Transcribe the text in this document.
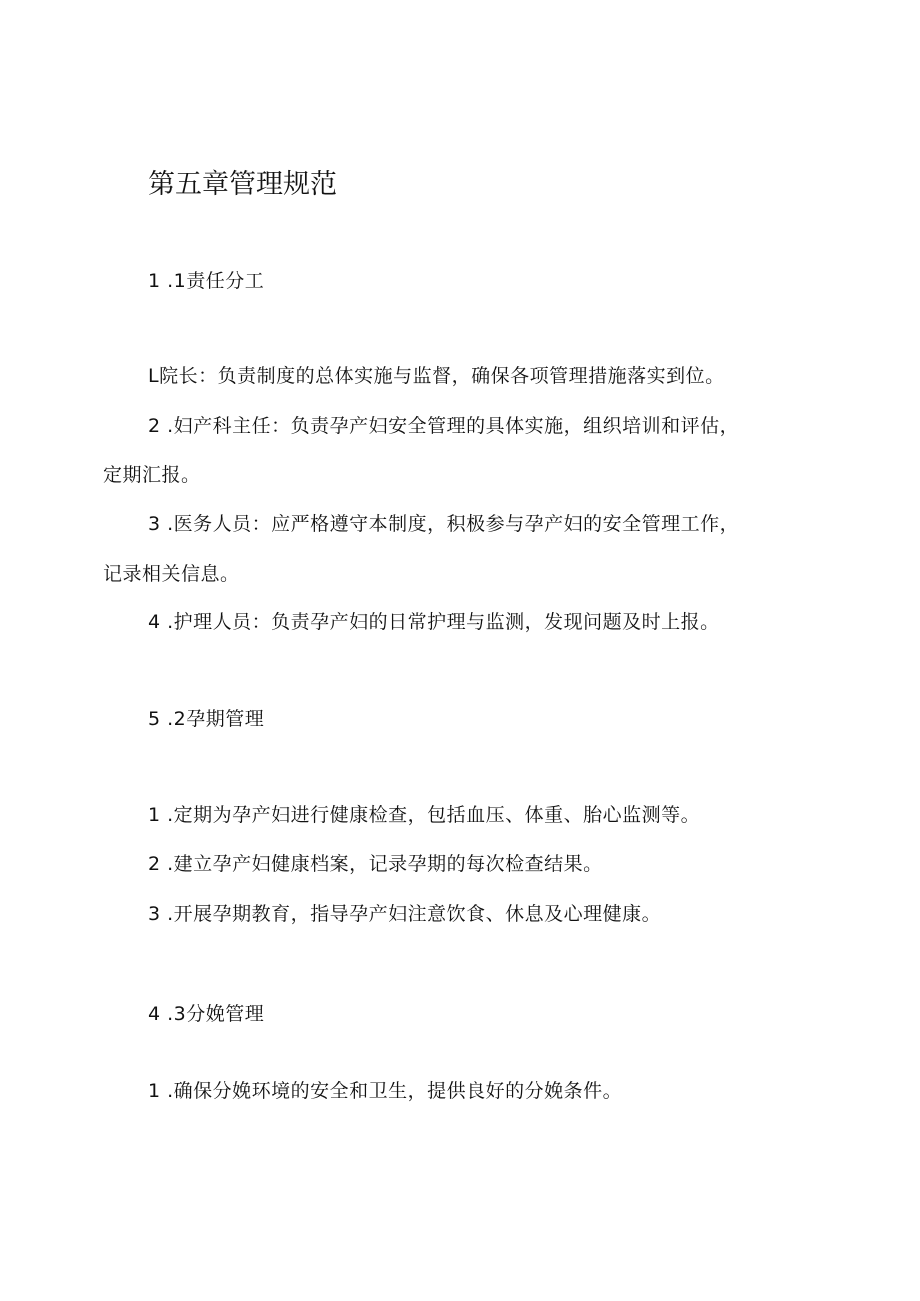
第五章管理规范
1 .1责任分工
L院长：负责制度的总体实施与监督，确保各项管理措施落实到位。
2 .妇产科主任：负责孕产妇安全管理的具体实施，组织培训和评估，
定期汇报。
3 .医务人员：应严格遵守本制度，积极参与孕产妇的安全管理工作，
记录相关信息。
4 .护理人员：负责孕产妇的日常护理与监测，发现问题及时上报。
5 .2孕期管理
1 .定期为孕产妇进行健康检查，包括血压、体重、胎心监测等。
2 .建立孕产妇健康档案，记录孕期的每次检查结果。
3 .开展孕期教育，指导孕产妇注意饮食、休息及心理健康。
4 .3分娩管理
1 .确保分娩环境的安全和卫生，提供良好的分娩条件。
